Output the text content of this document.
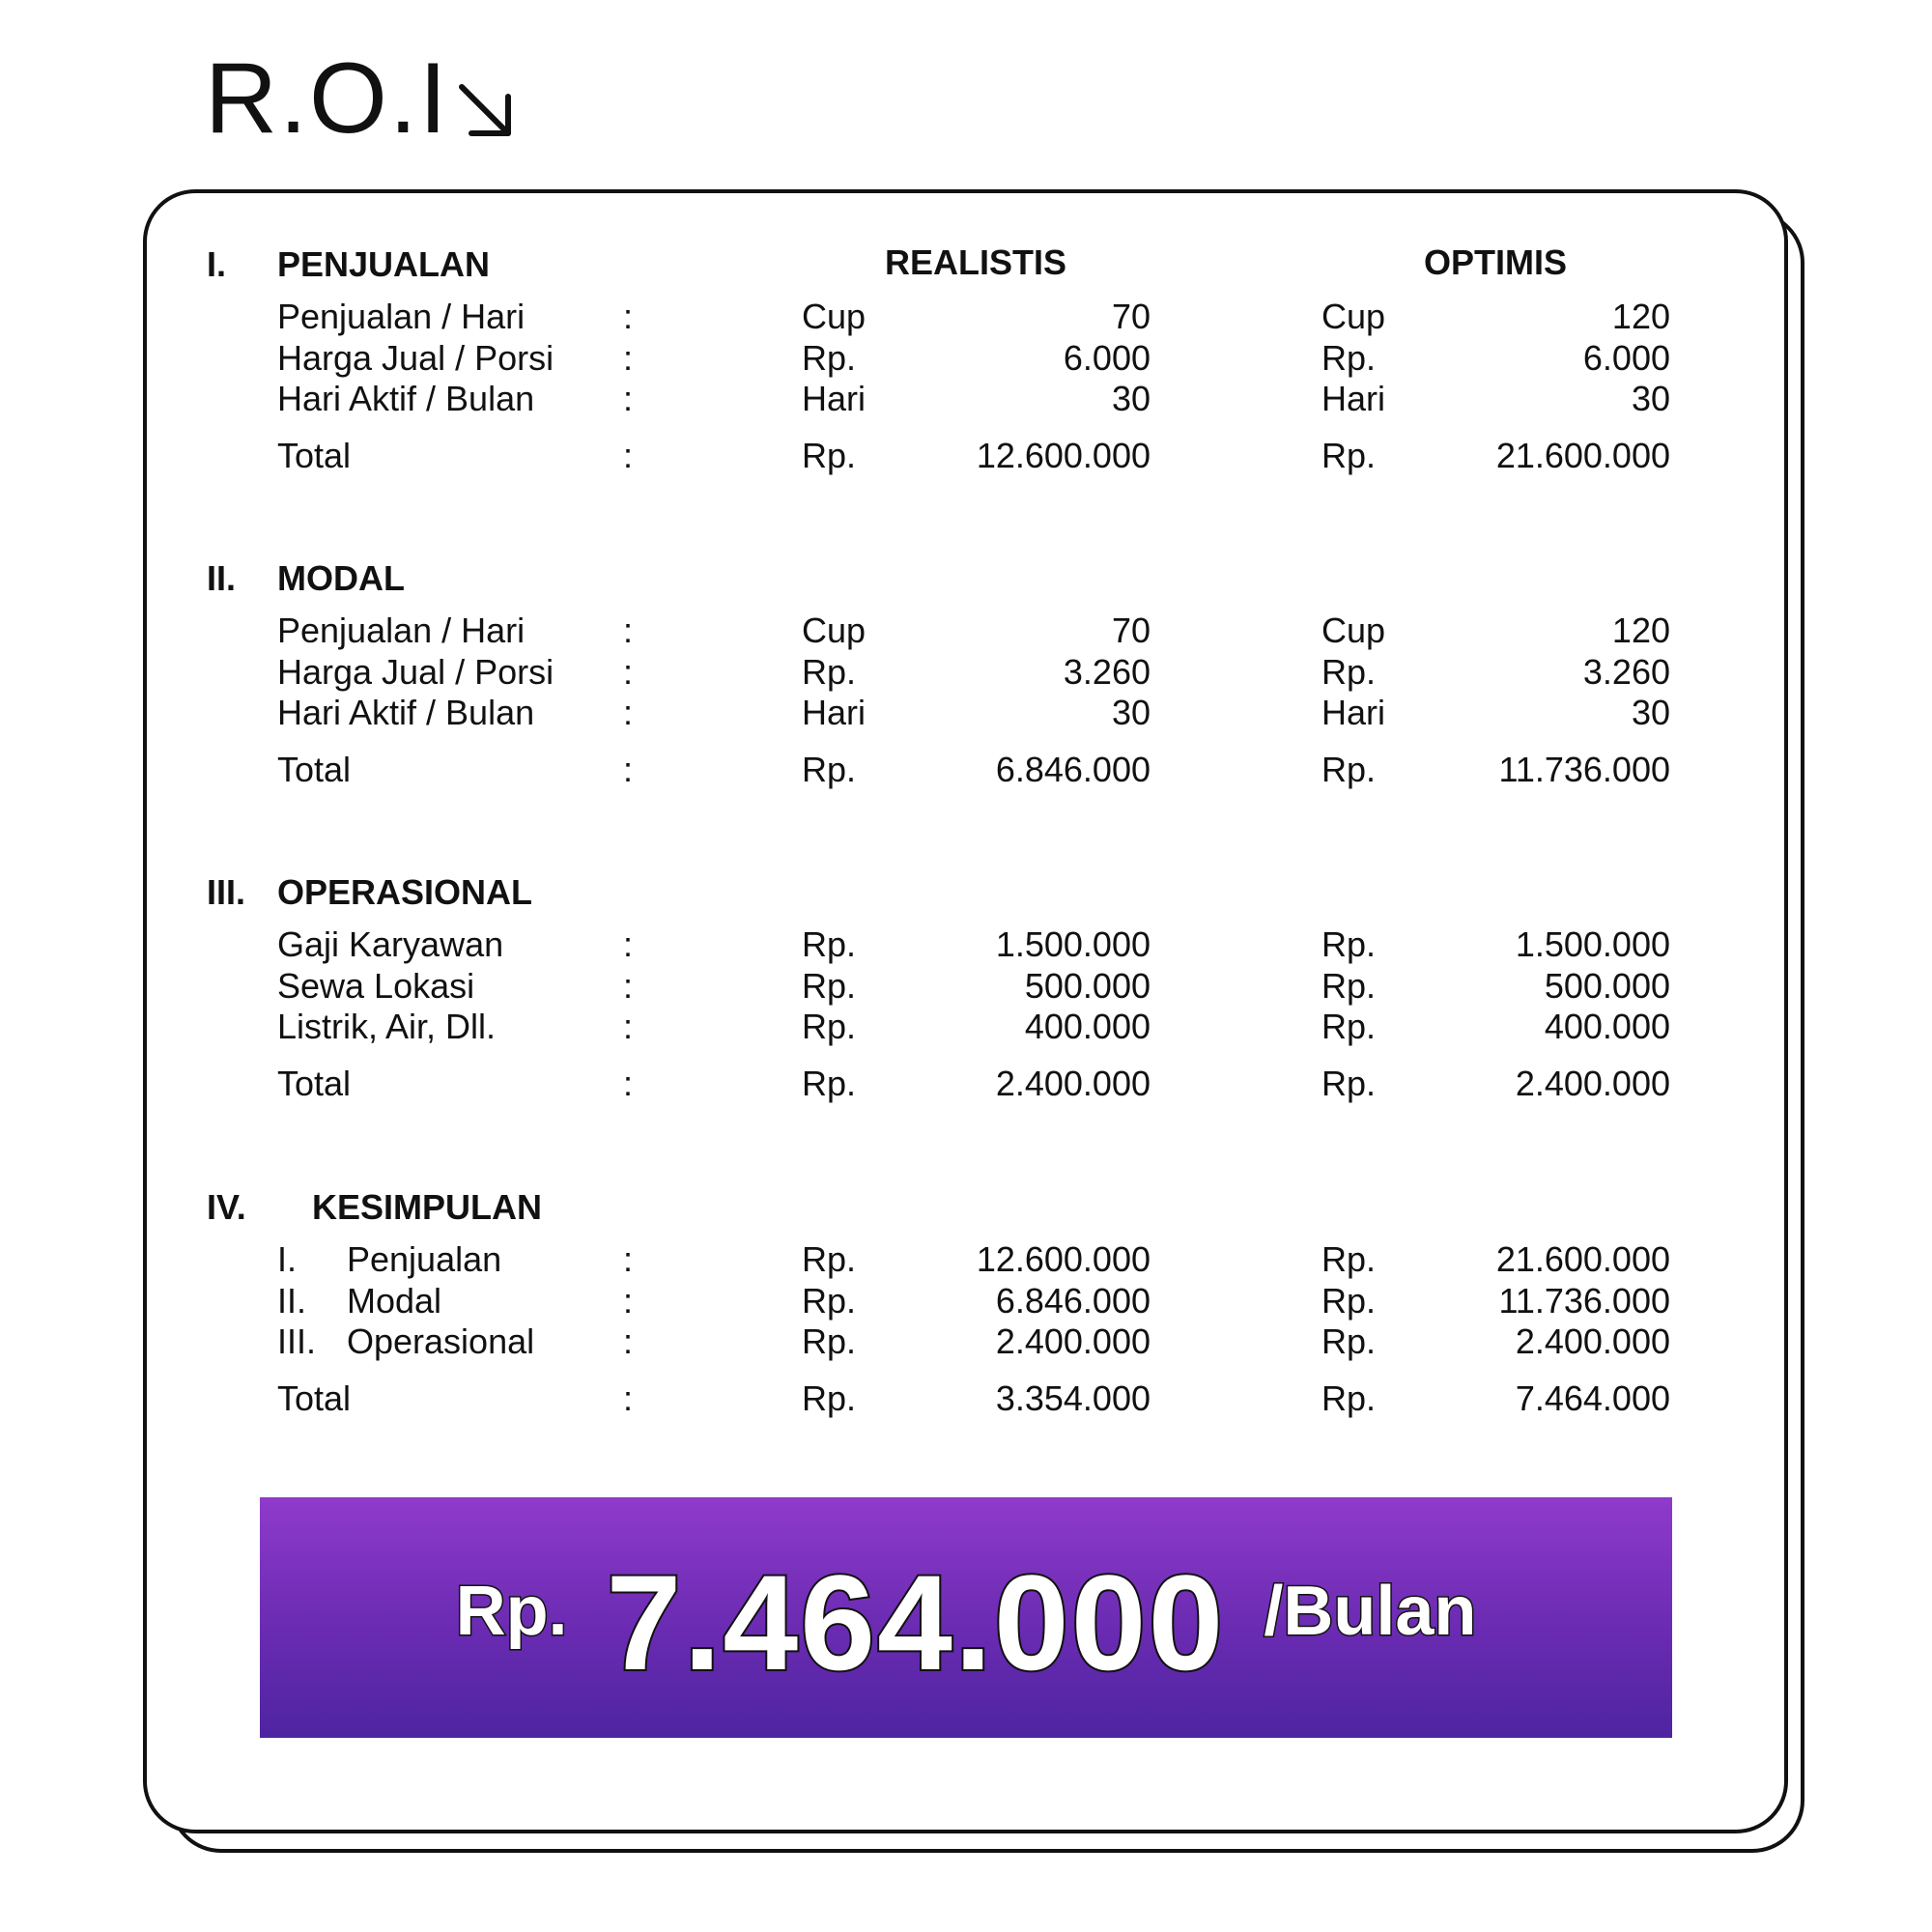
R.O.I
REALISTIS	OPTIMIS
I. PENJUALAN
Penjualan / Hari	:	Cup	70	Cup	120
Harga Jual / Porsi :	Rp.	6.000	Rp.	6.000
Hari Aktif / Bulan	:	Hari	30	Hari	30
Total	:	Rp.	12.600.000	Rp.	21.600.000
II. MODAL
Penjualan / Hari	:	Cup	70	Cup	120
Harga Jual / Porsi :	Rp.	3.260	Rp.	3.260
Hari Aktif / Bulan	:	Hari	30	Hari	30
Total	:	Rp.	6.846.000	Rp.	11.736.000
III. OPERASIONAL
Gaji Karyawan	:	Rp.	1.500.000	Rp.	1.500.000
Sewa Lokasi	:	Rp.	500.000	Rp.	500.000
Listrik, Air, Dll.	:	Rp.	400.000	Rp.	400.000
Total	:	Rp.	2.400.000	Rp.	2.400.000
IV. KESIMPULAN
I. Penjualan	:	Rp.	12.600.000	Rp.	21.600.000
II. Modal	:	Rp.	6.846.000	Rp.	11.736.000
III. Operasional	:	Rp.	2.400.000	Rp.	2.400.000
Total	:	Rp.	3.354.000	Rp.	7.464.000
Rp. 7.464.000 /Bulan
